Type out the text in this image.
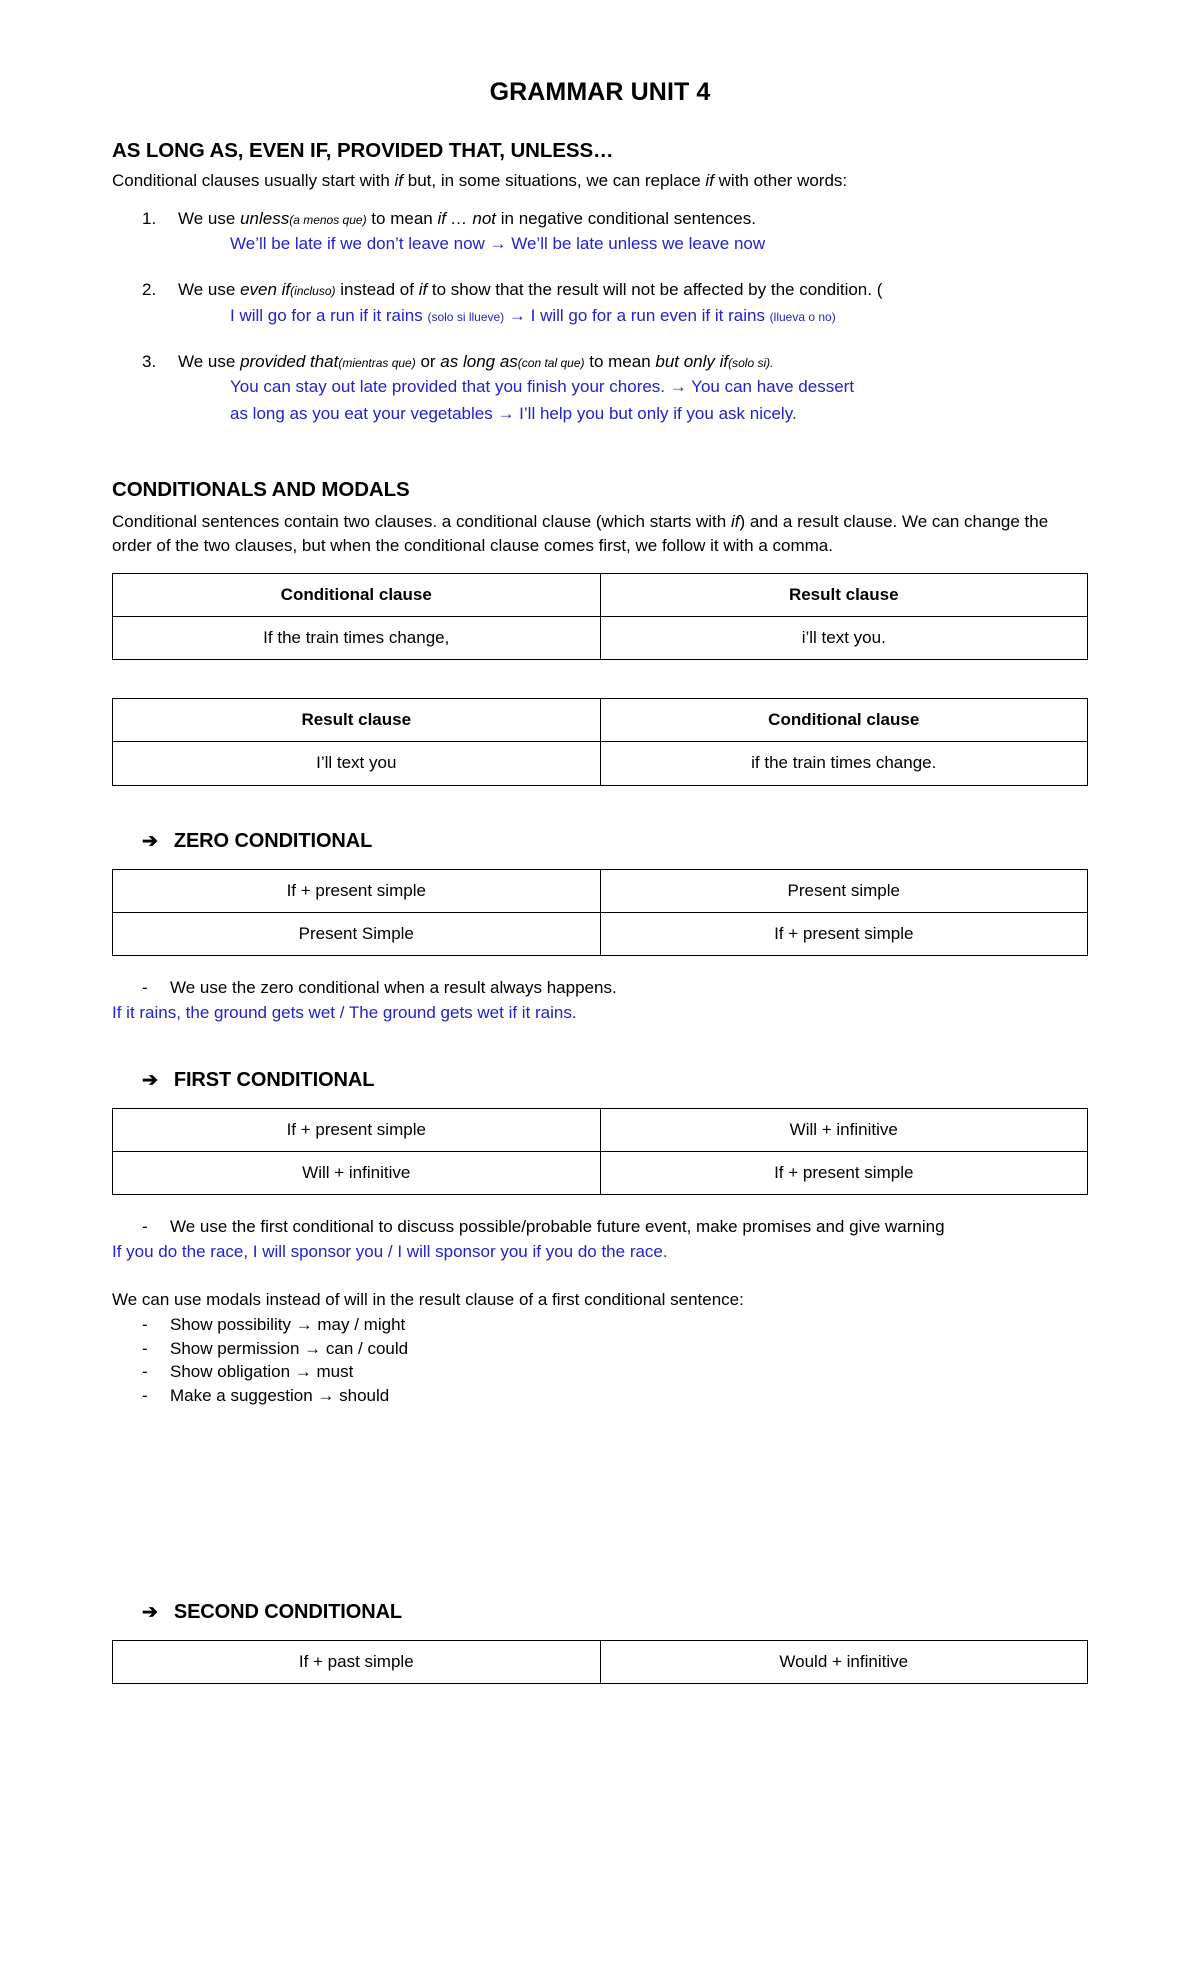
GRAMMAR UNIT 4
AS LONG AS, EVEN IF, PROVIDED THAT, UNLESS…

Conditional clauses usually start with if but, in some situations, we can replace if with other words:

We use unless(a menos que) to mean if … not in negative conditional sentences.
We’ll be late if we don’t leave now → We’ll be late unless we leave now
We use even if(incluso) instead of if to show that the result will not be affected by the condition. (
I will go for a run if it rains (solo si llueve) → I will go for a run even if it rains (llueva o no)
We use provided that(mientras que) or as long as(con tal que) to mean but only if(solo si).
You can stay out late provided that you finish your chores. → You can have dessert
as long as you eat your vegetables → I’ll help you but only if you ask nicely.
CONDITIONALS AND MODALS

Conditional sentences contain two clauses. a conditional clause (which starts with if) and a result clause. We can change the order of the two clauses, but when the conditional clause comes first, we follow it with a comma.

Conditional clause	Result clause
If the train times change,	i’ll text you.
Result clause	Conditional clause
I’ll text you	if the train times change.
➔ ZERO CONDITIONAL
If + present simple	Present simple
Present Simple	If + present simple
- We use the zero conditional when a result always happens.

If it rains, the ground gets wet / The ground gets wet if it rains.

➔ FIRST CONDITIONAL
If + present simple	Will + infinitive
Will + infinitive	If + present simple
- We use the first conditional to discuss possible/probable future event, make promises and give warning

If you do the race, I will sponsor you / I will sponsor you if you do the race.

We can use modals instead of will in the result clause of a first conditional sentence:

- Show possibility → may / might
- Show permission → can / could
- Show obligation → must
- Make a suggestion → should
➔ SECOND CONDITIONAL
If + past simple	Would + infinitive
